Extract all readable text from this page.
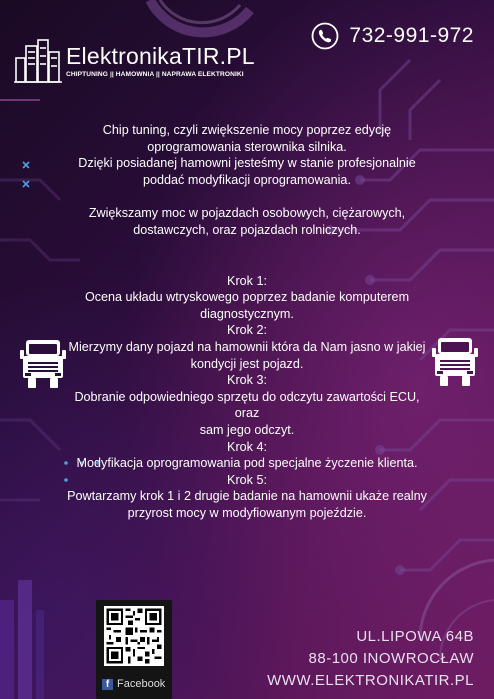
ElektronikaTIR.PL
CHIPTUNING || HAMOWNIA || NAPRAWA ELEKTRONIKI
732-991-972

Chip tuning, czyli zwiększenie mocy poprzez edycję

oprogramowania sterownika silnika.

Dzięki posiadanej hamowni jesteśmy w stanie profesjonalnie

poddać modyfikacji oprogramowania.

Zwiększamy moc w pojazdach osobowych, ciężarowych,

dostawczych, oraz pojazdach rolniczych.

Krok 1:

Ocena układu wtryskowego poprzez badanie komputerem

diagnostycznym.

Krok 2:

Mierzymy dany pojazd na hamownii która da Nam jasno w jakiej

kondycji jest pojazd.

Krok 3:

Dobranie odpowiedniego sprzętu do odczytu zawartości ECU, oraz

sam jego odczyt.

Krok 4:

Modyfikacja oprogramowania pod specjalne życzenie klienta.

Krok 5:

Powtarzamy krok 1 i 2 drugie badanie na hamownii ukaże realny

przyrost mocy w modyfiowanym pojeździe.

f Facebook
UL.LIPOWA 64B
88-100 INOWROCŁAW
WWW.ELEKTRONIKATIR.PL
